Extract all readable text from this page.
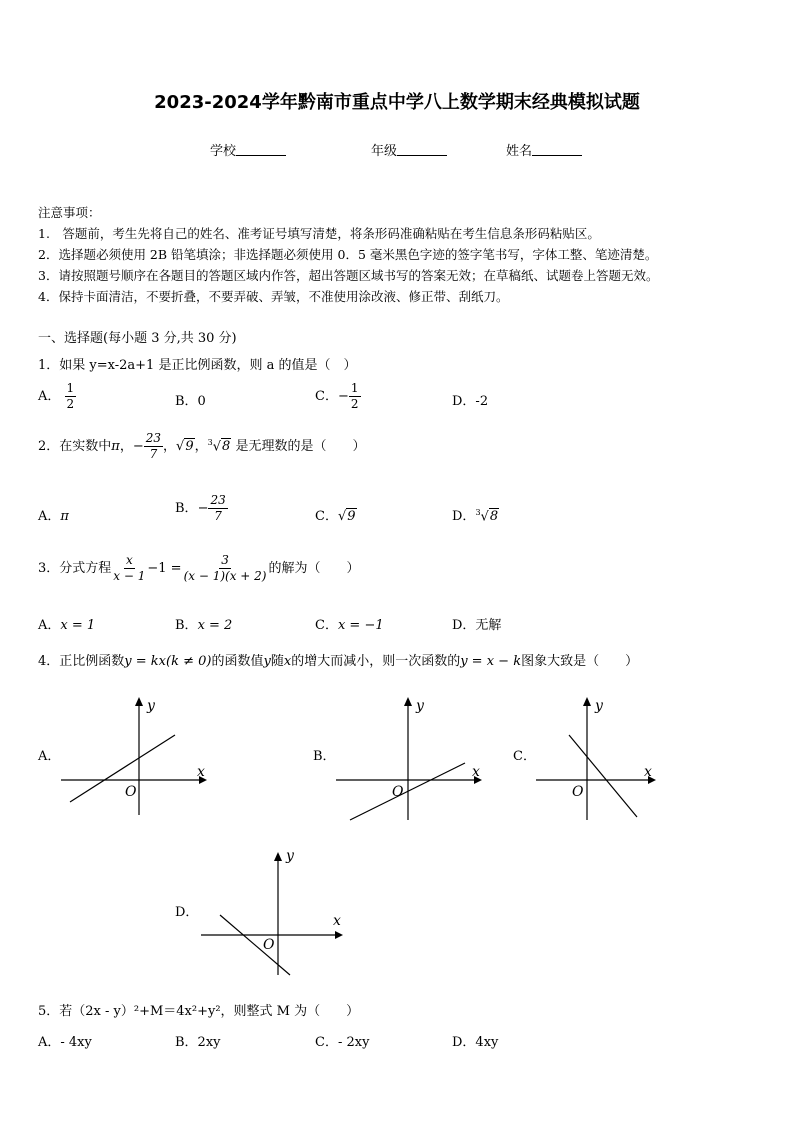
2023-2024学年黔南市重点中学八上数学期末经典模拟试题
学校	年级	姓名
注意事项：
1.　答题前，考生先将自己的姓名、准考证号填写清楚，将条形码准确粘贴在考生信息条形码粘贴区。
2．选择题必须使用 2B 铅笔填涂；非选择题必须使用 0．5 毫米黑色字迹的签字笔书写，字体工整、笔迹清楚。
3．请按照题号顺序在各题目的答题区域内作答，超出答题区域书写的答案无效；在草稿纸、试题卷上答题无效。
4．保持卡面清洁，不要折叠，不要弄破、弄皱，不准使用涂改液、修正带、刮纸刀。
一、选择题(每小题 3 分,共 30 分)
1．如果 y=x-2a+1 是正比例函数，则 a 的值是（　）
A． $\frac{1}{2}$	B．0	C．− $\frac{1}{2}$	D．-2
2．在实数中π，− $\frac{23}{7}$ ，√9，$^3$√8 是无理数的是（　　）
A．π
B．− $\frac{23}{7}$	C．√9	D．$^3$√8
3．分式方程 $\frac{x}{x - 1} -1 = \frac{3}{(x - 1)(x + 2)}$ 的解为（　　）
A．x = 1	B．x = 2	C．x = −1	D．无解
4．正比例函数y = kx(k ≠ 0)的函数值y随x的增大而减小，则一次函数的y = x − k图象大致是（　　）
A．
x
y
O
B．
x
y
O
C．
x
y
O
D．
x
y
O
5．若（2x - y）²+M＝4x²+y²，则整式 M 为（　　）
A．- 4xy	B．2xy	C．- 2xy	D．4xy
